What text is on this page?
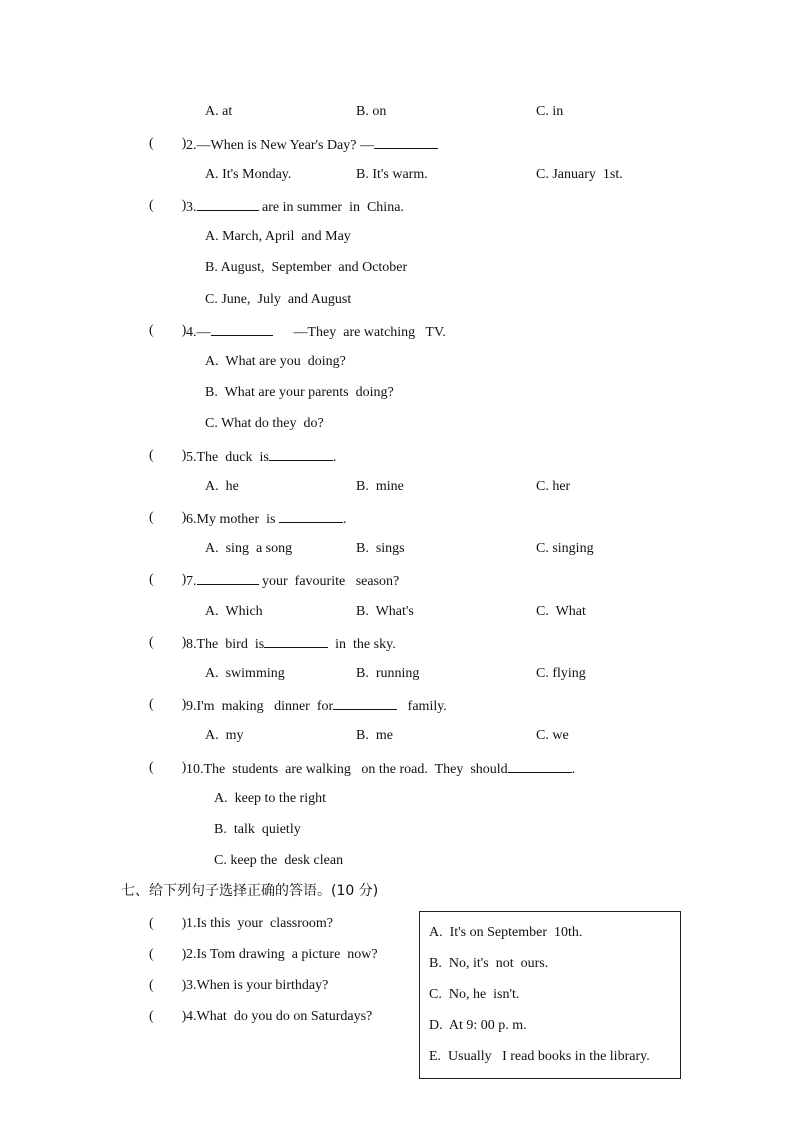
A. at	B. on	C. in
(        ) 2.—When is New Year's Day? —
A. It's Monday.	B. It's warm.	C. January  1st.
(        ) 3.	are in summer  in  China.
A. March, April  and May
B. August,  September  and October
C. June,  July  and August
(        ) 4.—	—They  are watching   TV.
A.  What are you  doing?
B.  What are your parents  doing?
C. What do they  do?
(        ) 5.The  duck  is	.
A.  he	B.  mine	C. her
(        ) 6.My mother  is	.
A.  sing  a song	B.  sings	C. singing
(        ) 7.	your  favourite   season?
A.  Which	B.  What's	C.  What
(        ) 8.The  bird  is	in  the sky.
A.  swimming	B.  running	C. flying
(        ) 9.I'm  making   dinner  for	family.
A.  my	B.  me	C. we
(        ) 10.The  students  are walking   on the road.  They  should	.
A.  keep to the right
B.  talk  quietly
C. keep the  desk clean
七、给下列句子选择正确的答语。(10 分)
(        ) 1.Is this  your  classroom?
(        ) 2.Is Tom drawing  a picture  now?
(        ) 3.When is your birthday?
(        ) 4.What  do you do on Saturdays?
A.  It's on September  10th.
B.  No, it's  not  ours.
C.  No, he  isn't.
D.  At 9: 00 p. m.
E.  Usually   I read books in the library.
